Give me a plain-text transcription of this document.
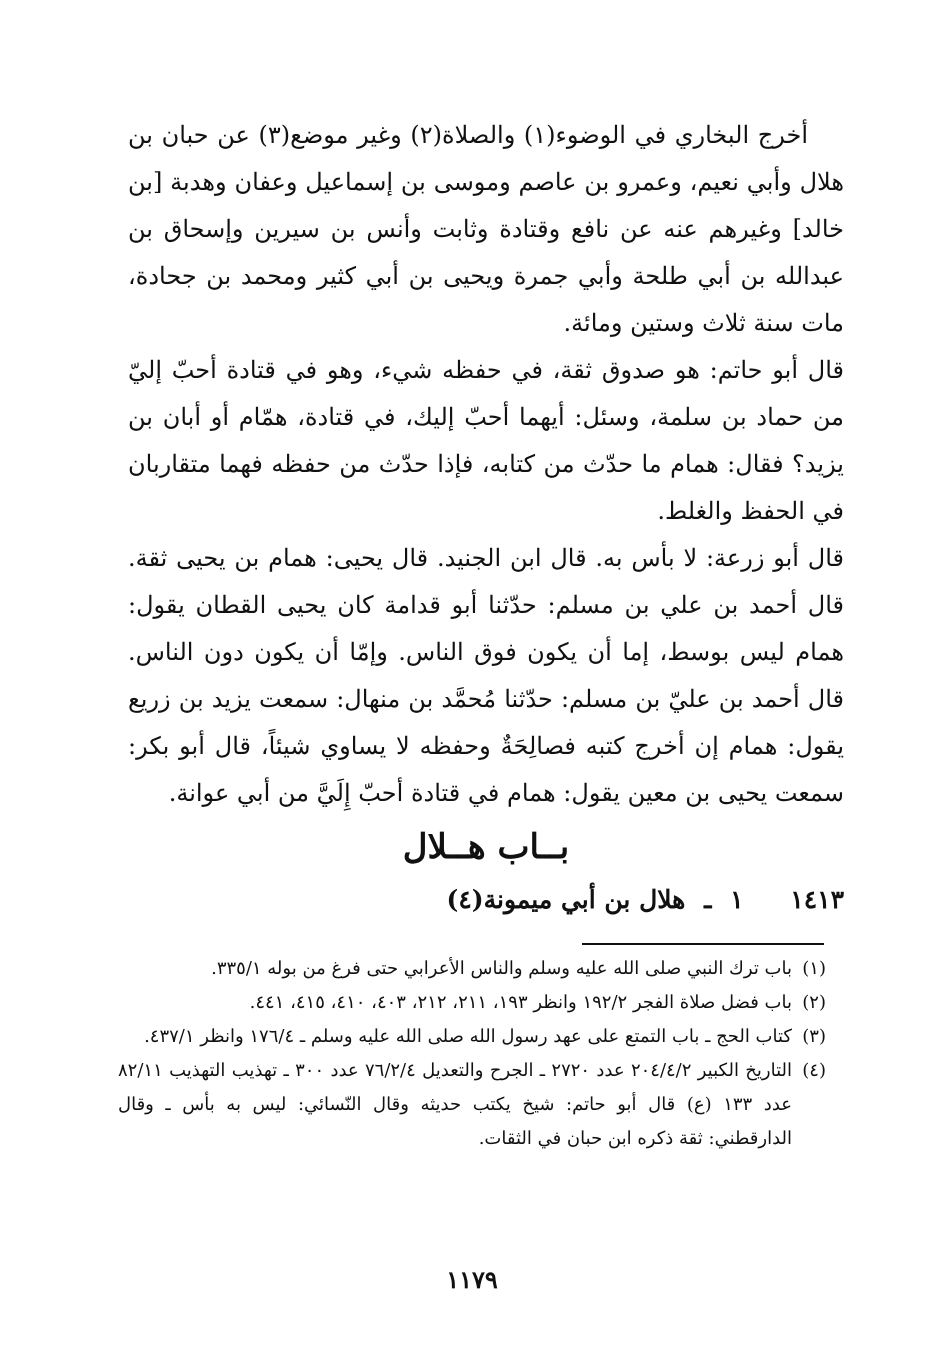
أخرج البخاري في الوضوء(١) والصلاة(٢) وغير موضع(٣) عن حبان بن هلال وأبي نعيم، وعمرو بن عاصم وموسى بن إسماعيل وعفان وهدبة [بن خالد] وغيرهم عنه عن نافع وقتادة وثابت وأنس بن سيرين وإسحاق بن عبدالله بن أبي طلحة وأبي جمرة ويحيى بن أبي كثير ومحمد بن جحادة، مات سنة ثلاث وستين ومائة.

قال أبو حاتم: هو صدوق ثقة، في حفظه شيء، وهو في قتادة أحبّ إليّ من حماد بن سلمة، وسئل: أيهما أحبّ إليك، في قتادة، همّام أو أبان بن يزيد؟ فقال: همام ما حدّث من كتابه، فإذا حدّث من حفظه فهما متقاربان في الحفظ والغلط.

قال أبو زرعة: لا بأس به. قال ابن الجنيد. قال يحيى: همام بن يحيى ثقة. قال أحمد بن علي بن مسلم: حدّثنا أبو قدامة كان يحيى القطان يقول: همام ليس بوسط، إما أن يكون فوق الناس. وإمّا أن يكون دون الناس. قال أحمد بن عليّ بن مسلم: حدّثنا مُحمَّد بن منهال: سمعت يزيد بن زريع يقول: همام إن أخرج كتبه فصالِحَةٌ وحفظه لا يساوي شيئاً، قال أبو بكر: سمعت يحيى بن معين يقول: همام في قتادة أحبّ إِلَيَّ من أبي عوانة.

بــاب هــلال
١٤١٣ ١ ـ هلال بن أبي ميمونة(٤)
(١)
باب ترك النبي صلى الله عليه وسلم والناس الأعرابي حتى فرغ من بوله ٣٣٥/١.
(٢)
باب فضل صلاة الفجر ١٩٢/٢ وانظر ١٩٣، ٢١١، ٢١٢، ٤٠٣، ٤١٠، ٤١٥، ٤٤١.
(٣)
كتاب الحج ـ باب التمتع على عهد رسول الله صلى الله عليه وسلم ـ ١٧٦/٤ وانظر ٤٣٧/١.
(٤)
التاريخ الكبير ٢٠٤/٤/٢ عدد ٢٧٢٠ ـ الجرح والتعديل ٧٦/٢/٤ عدد ٣٠٠ ـ تهذيب التهذيب ٨٢/١١ عدد ١٣٣ (ع) قال أبو حاتم: شيخ يكتب حديثه وقال النّسائي: ليس به بأس ـ وقال الدارقطني: ثقة ذكره ابن حبان في الثقات.
١١٧٩
